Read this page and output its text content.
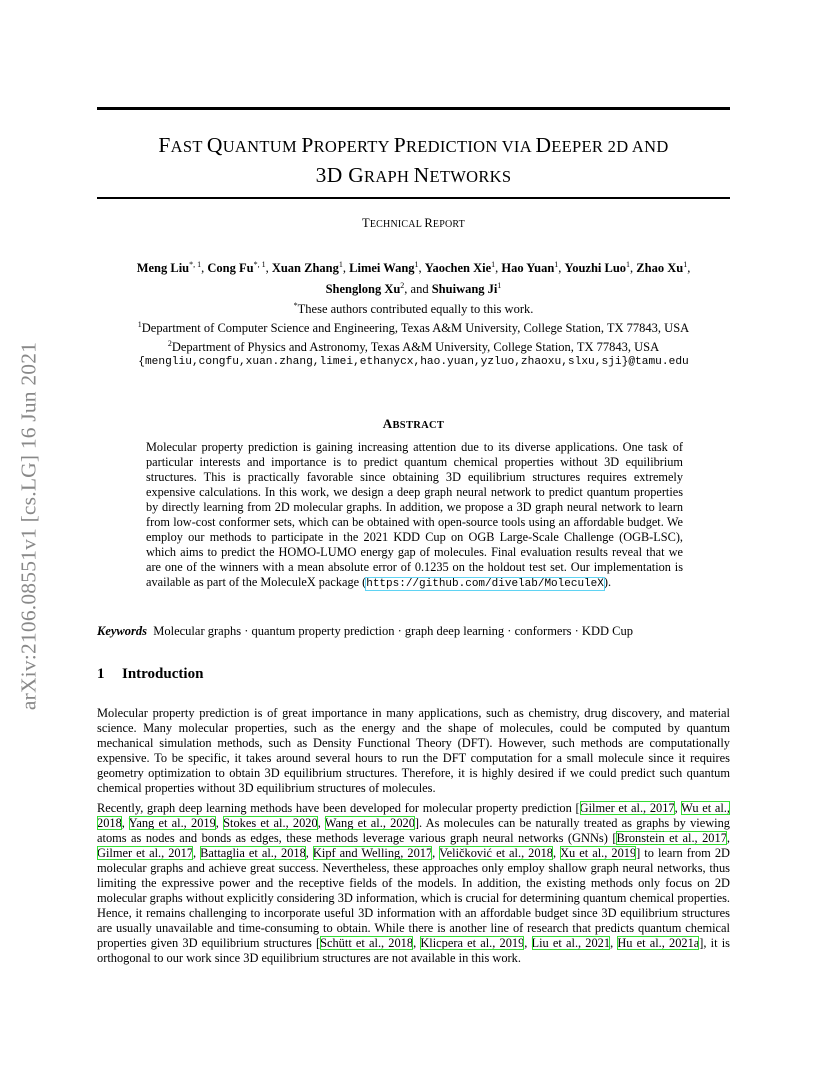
arXiv:2106.08551v1 [cs.LG] 16 Jun 2021
FAST QUANTUM PROPERTY PREDICTION VIA DEEPER 2D AND
3D GRAPH NETWORKS
TECHNICAL REPORT
Meng Liu$^{*, 1}$, Cong $Fu^{*, 1}$, Xuan Zhang$^1$, Limei Wang$^1$, Yaochen Xie$^1$, Hao Yuan$^1$, Youzhi Luo$^1$, Zhao Xu$^1$,
Shenglong Xu$^2$, and Shuiwang Ji$^1$
*These authors contributed equally to this work.
$^1$Department of Computer Science and Engineering, Texas A&M University, College Station, TX 77843, USA
$^2$Department of Physics and Astronomy, Texas A&M University, College Station, TX 77843, USA
{mengliu,congfu,xuan.zhang,limei,ethanycx,hao.yuan,yzluo,zhaoxu,slxu,sji}@tamu.edu
ABSTRACT
Molecular property prediction is gaining increasing attention due to its diverse applications. One task of particular interests and importance is to predict quantum chemical properties without 3D equilibrium structures. This is practically favorable since obtaining 3D equilibrium structures requires extremely expensive calculations. In this work, we design a deep graph neural network to predict quantum properties by directly learning from 2D molecular graphs. In addition, we propose a 3D graph neural network to learn from low-cost conformer sets, which can be obtained with open-source tools using an affordable budget. We employ our methods to participate in the 2021 KDD Cup on OGB Large-Scale Challenge (OGB-LSC), which aims to predict the HOMO-LUMO energy gap of molecules. Final evaluation results reveal that we are one of the winners with a mean absolute error of 0.1235 on the holdout test set. Our implementation is available as part of the MoleculeX package (https://github.com/divelab/MoleculeX).
Keywords Molecular graphs · quantum property prediction · graph deep learning · conformers · KDD Cup
1 Introduction
Molecular property prediction is of great importance in many applications, such as chemistry, drug discovery, and material science. Many molecular properties, such as the energy and the shape of molecules, could be computed by quantum mechanical simulation methods, such as Density Functional Theory (DFT). However, such methods are computationally expensive. To be specific, it takes around several hours to run the DFT computation for a small molecule since it requires geometry optimization to obtain 3D equilibrium structures. Therefore, it is highly desired if we could predict such quantum chemical properties without 3D equilibrium structures of molecules.
Recently, graph deep learning methods have been developed for molecular property prediction [Gilmer et al., 2017, Wu et al., 2018, Yang et al., 2019, Stokes et al., 2020, Wang et al., 2020]. As molecules can be naturally treated as graphs by viewing atoms as nodes and bonds as edges, these methods leverage various graph neural networks (GNNs) [Bronstein et al., 2017, Gilmer et al., 2017, Battaglia et al., 2018, Kipf and Welling, 2017, Veličković et al., 2018, Xu et al., 2019] to learn from 2D molecular graphs and achieve great success. Nevertheless, these approaches only employ shallow graph neural networks, thus limiting the expressive power and the receptive fields of the models. In addition, the existing methods only focus on 2D molecular graphs without explicitly considering 3D information, which is crucial for determining quantum chemical properties. Hence, it remains challenging to incorporate useful 3D information with an affordable budget since 3D equilibrium structures are usually unavailable and time-consuming to obtain. While there is another line of research that predicts quantum chemical properties given 3D equilibrium structures [Schütt et al., 2018, Klicpera et al., 2019, Liu et al., 2021, Hu et al., 2021a], it is orthogonal to our work since 3D equilibrium structures are not available in this work.
